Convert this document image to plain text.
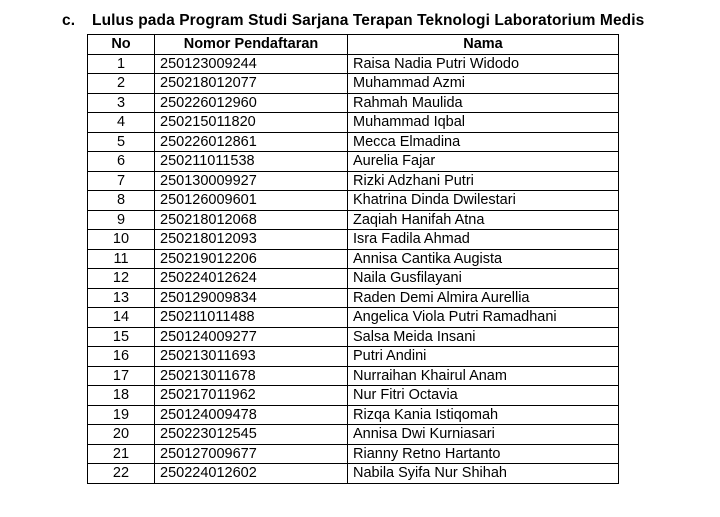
c. Lulus pada Program Studi Sarjana Terapan Teknologi Laboratorium Medis
No	Nomor Pendaftaran	Nama
1	250123009244	Raisa Nadia Putri Widodo
2	250218012077	Muhammad Azmi
3	250226012960	Rahmah Maulida
4	250215011820	Muhammad Iqbal
5	250226012861	Mecca Elmadina
6	250211011538	Aurelia Fajar
7	250130009927	Rizki Adzhani Putri
8	250126009601	Khatrina Dinda Dwilestari
9	250218012068	Zaqiah Hanifah Atna
10	250218012093	Isra Fadila Ahmad
11	250219012206	Annisa Cantika Augista
12	250224012624	Naila Gusfilayani
13	250129009834	Raden Demi Almira Aurellia
14	250211011488	Angelica Viola Putri Ramadhani
15	250124009277	Salsa Meida Insani
16	250213011693	Putri Andini
17	250213011678	Nurraihan Khairul Anam
18	250217011962	Nur Fitri Octavia
19	250124009478	Rizqa Kania Istiqomah
20	250223012545	Annisa Dwi Kurniasari
21	250127009677	Rianny Retno Hartanto
22	250224012602	Nabila Syifa Nur Shihah
